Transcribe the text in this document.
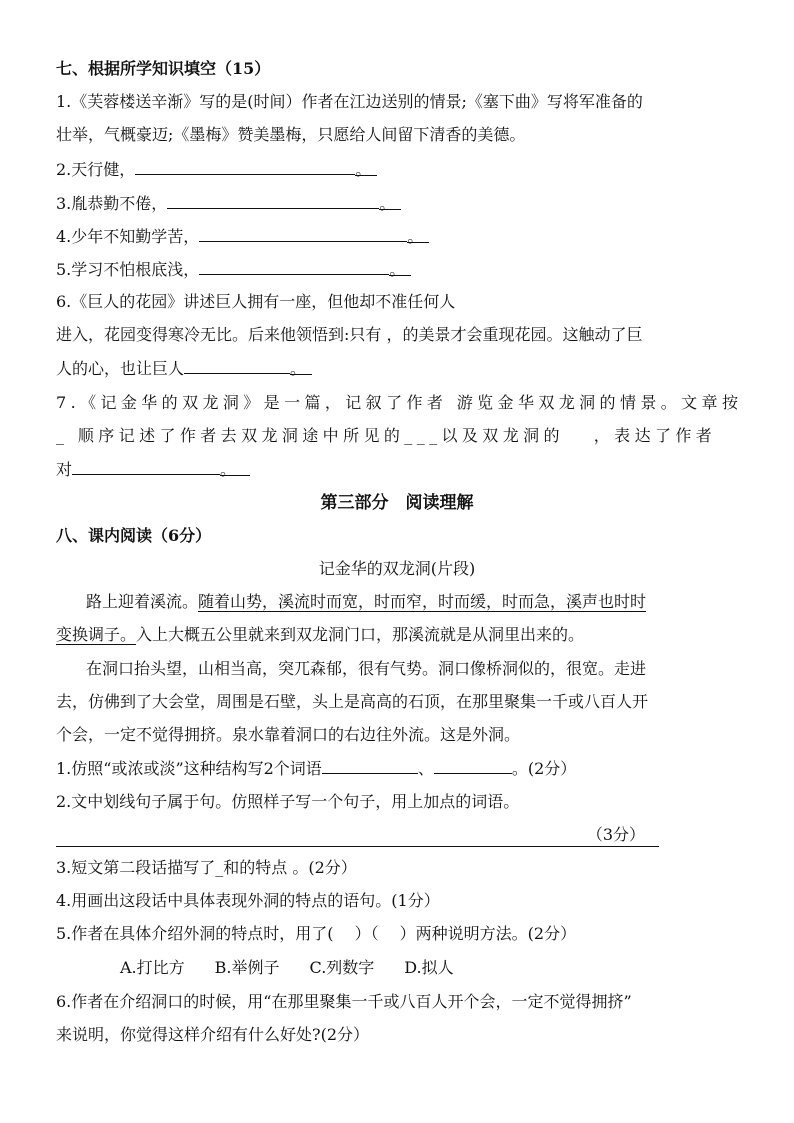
七、根据所学知识填空（15）
1.《芙蓉楼送辛渐》写的是(时间）作者在江边送别的情景;《塞下曲》写将军准备的
壮举，气概豪迈;《墨梅》赞美墨梅，只愿给人间留下清香的美德。
2.天行健，	。
3.胤恭勤不倦，	。
4.少年不知勤学苦，	。
5.学习不怕根底浅，	。
6.《巨人的花园》讲述巨人拥有一座，但他却不准任何人
进入，花园变得寒冷无比。后来他领悟到:只有 ，的美景才会重现花园。这触动了巨
人的心，也让巨人	。
7.《记金华的双龙洞》是一篇，记叙了作者 游览金华双龙洞的情景。文章按
_ 顺序记述了作者去双龙洞途中所见的___以及双龙洞的　 ，表达了作者
对	。
第三部分　阅读理解
八、课内阅读（6分）
记金华的双龙洞(片段)
路上迎着溪流。随着山势，溪流时而宽，时而窄，时而缓，时而急，溪声也时时
变换调子。入上大概五公里就来到双龙洞门口，那溪流就是从洞里出来的。
在洞口抬头望，山相当高，突兀森郁，很有气势。洞口像桥洞似的，很宽。走进
去，仿佛到了大会堂，周围是石壁，头上是高高的石顶，在那里聚集一千或八百人开
个会，一定不觉得拥挤。泉水靠着洞口的右边往外流。这是外洞。
1.仿照“或浓或淡”这种结构写2个词语	、	。(2分）
2.文中划线句子属于句。仿照样子写一个句子，用上加点的词语。
（3分）
3.短文第二段话描写了_和的特点 。(2分）
4.用画出这段话中具体表现外洞的特点的语句。(1分）
5.作者在具体介绍外洞的特点时，用了(　 ）（　 ）两种说明方法。(2分）
A.打比方 B.举例子 C.列数字 D.拟人
6.作者在介绍洞口的时候，用“在那里聚集一千或八百人开个会，一定不觉得拥挤”
来说明，你觉得这样介绍有什么好处?(2分）
